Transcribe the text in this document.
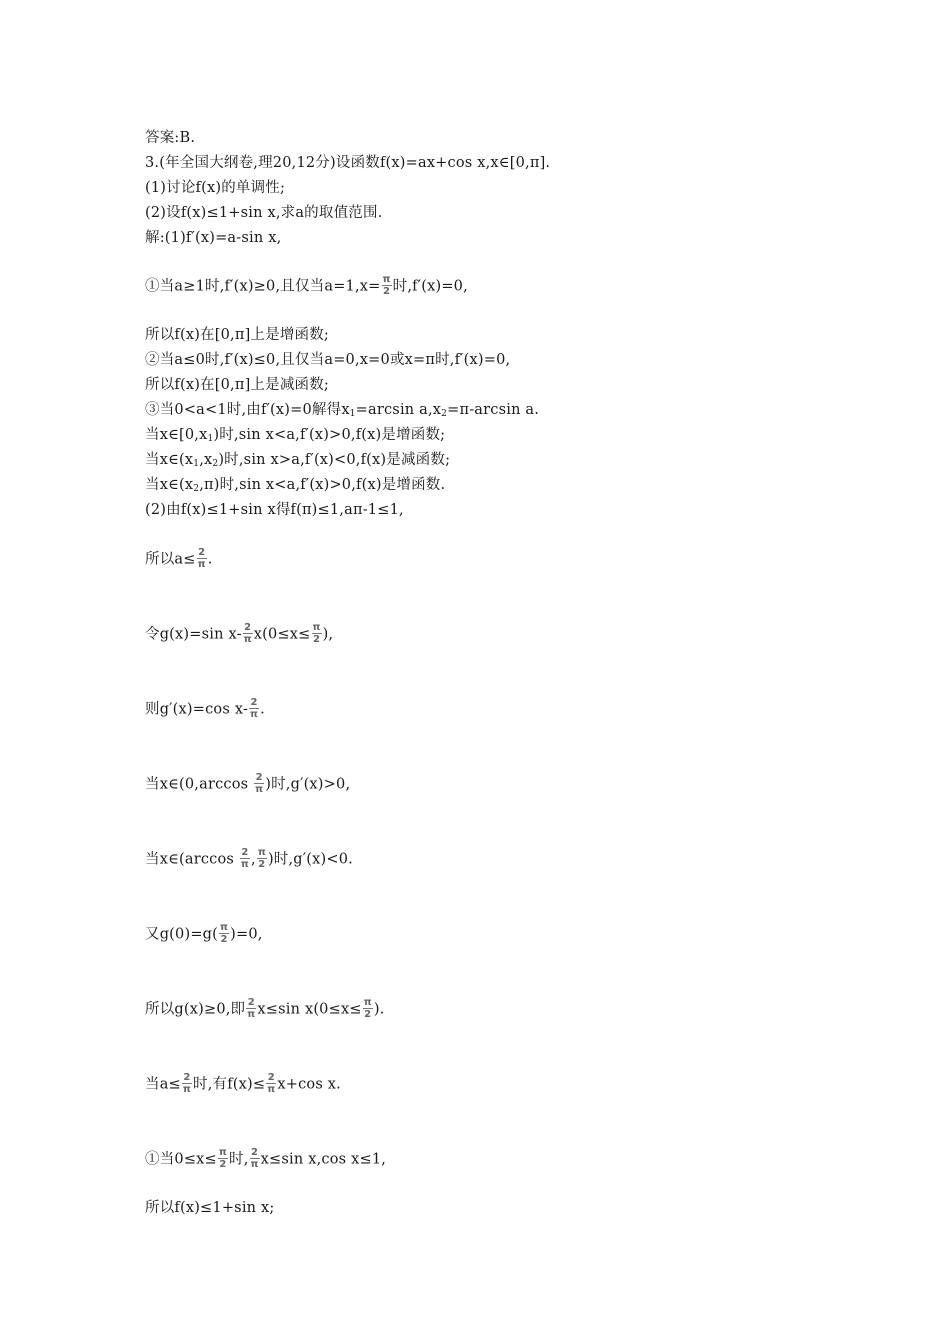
答案:B.
3.(年全国大纲卷,理20,12分)设函数f(x)=ax+cos x,x∈[0,π].
(1)讨论f(x)的单调性;
(2)设f(x)≤1+sin x,求a的取值范围.
解:(1)f′(x)=a-sin x,
①当a≥1时,f′(x)≥0,且仅当$a=1,x= \frac{\pi}{2}$ 时,f′(x)=0,
所以f(x)在[0,π]上是增函数;
②当a≤0时,f′(x)≤0,且仅当a=0,x=0或x=π时,f′(x)=0,
所以f(x)在[0,π]上是减函数;
③当0<a<1时,由f′(x)=0解得$x_1=\arcsin$ $a,x_2=\pi-\arcsin$ a.
当$x\in[0,x_1)$时,sin x<a,f′(x)>0,f(x)是增函数;
当$x\in(x_1,x_2)$时,sin x>a,f′(x)<0,f(x)是减函数;
当$x\in(x_2,\pi)$时,sin x<a,f′(x)>0,f(x)是增函数.
(2)由f(x)≤1+sin x得f(π)≤1,aπ-1≤1,
所以$a\le \frac{2}{\pi}$ .
令g(x)=sin $x- \frac{2}{\pi} x(0\le x\le \frac{\pi}{2}$ ),
则g′(x)=cos $x- \frac{2}{\pi}$ .
当x∈(0,arccos $\frac{2}{\pi}$ )时,g′(x)>0,
当x∈(arccos $\frac{2}{\pi}$ , $\frac{\pi}{2}$ )时,g′(x)<0.
又$g(0)=g( \frac{\pi}{2} )=0$,
所以g(x)≥0,即 $\frac{2}{\pi} x\le\sin$ $x(0\le x\le \frac{\pi}{2}$ ).
当$a\le \frac{2}{\pi}$ 时,有$f(x)\le \frac{2}{\pi} x+\cos$ x.
①当$0\le x\le \frac{\pi}{2}$ 时, $\frac{2}{\pi} x\le\sin$ x,cos x≤1,
所以f(x)≤1+sin x;
